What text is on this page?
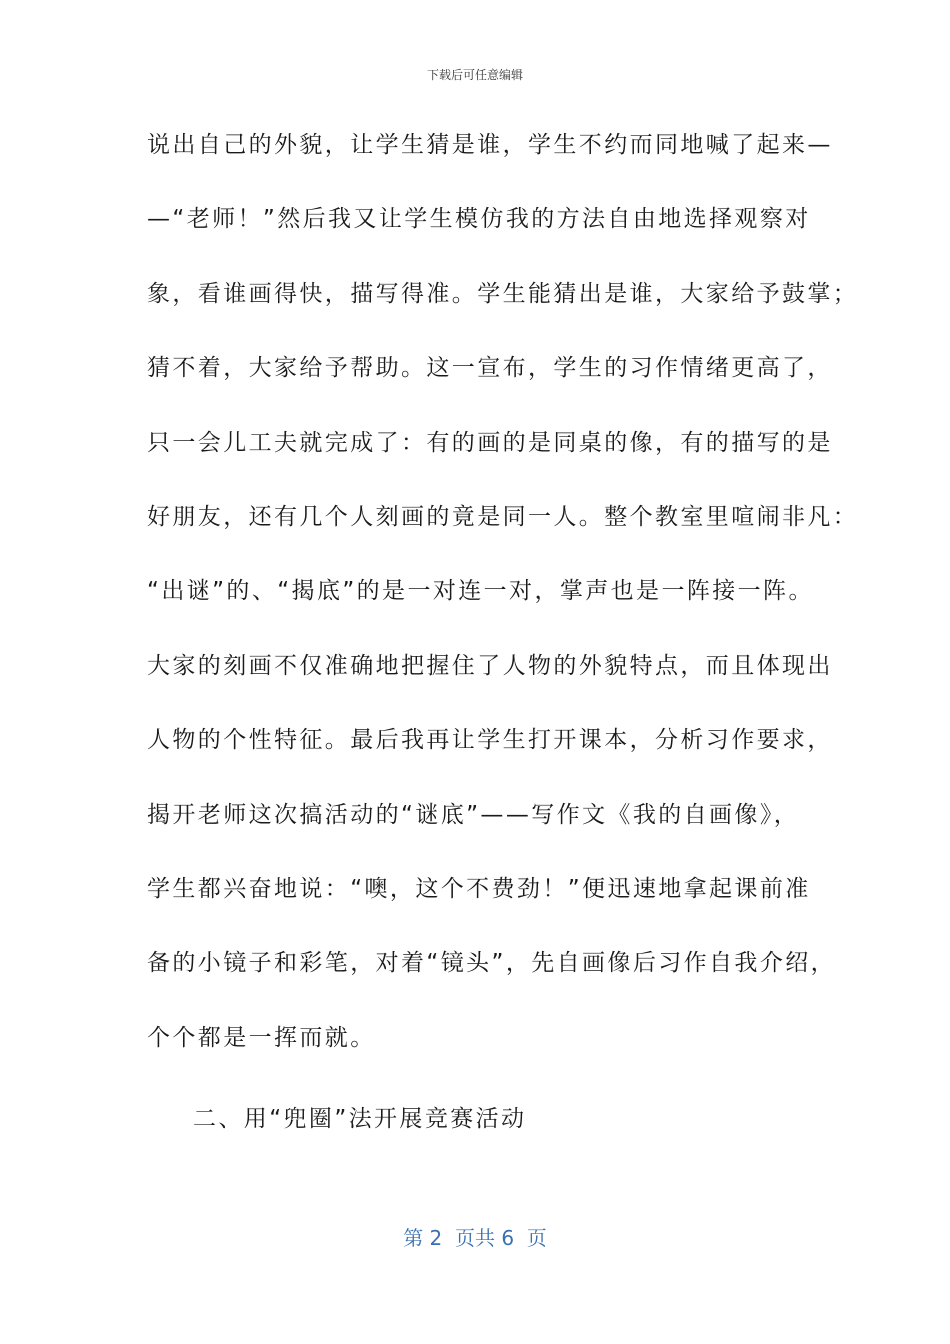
下载后可任意编辑
说出自己的外貌，让学生猜是谁，学生不约而同地喊了起来—
—“老师！”然后我又让学生模仿我的方法自由地选择观察对
象，看谁画得快，描写得准。学生能猜出是谁，大家给予鼓掌；
猜不着，大家给予帮助。这一宣布，学生的习作情绪更高了，
只一会儿工夫就完成了：有的画的是同桌的像，有的描写的是
好朋友，还有几个人刻画的竟是同一人。整个教室里喧闹非凡：
“出谜”的、“揭底”的是一对连一对，掌声也是一阵接一阵。
大家的刻画不仅准确地把握住了人物的外貌特点，而且体现出
人物的个性特征。最后我再让学生打开课本，分析习作要求，
揭开老师这次搞活动的“谜底”——写作文《我的自画像》，
学生都兴奋地说：“噢，这个不费劲！”便迅速地拿起课前准
备的小镜子和彩笔，对着“镜头”，先自画像后习作自我介绍，
个个都是一挥而就。
二、用“兜圈”法开展竞赛活动
第 2  页共 6  页
